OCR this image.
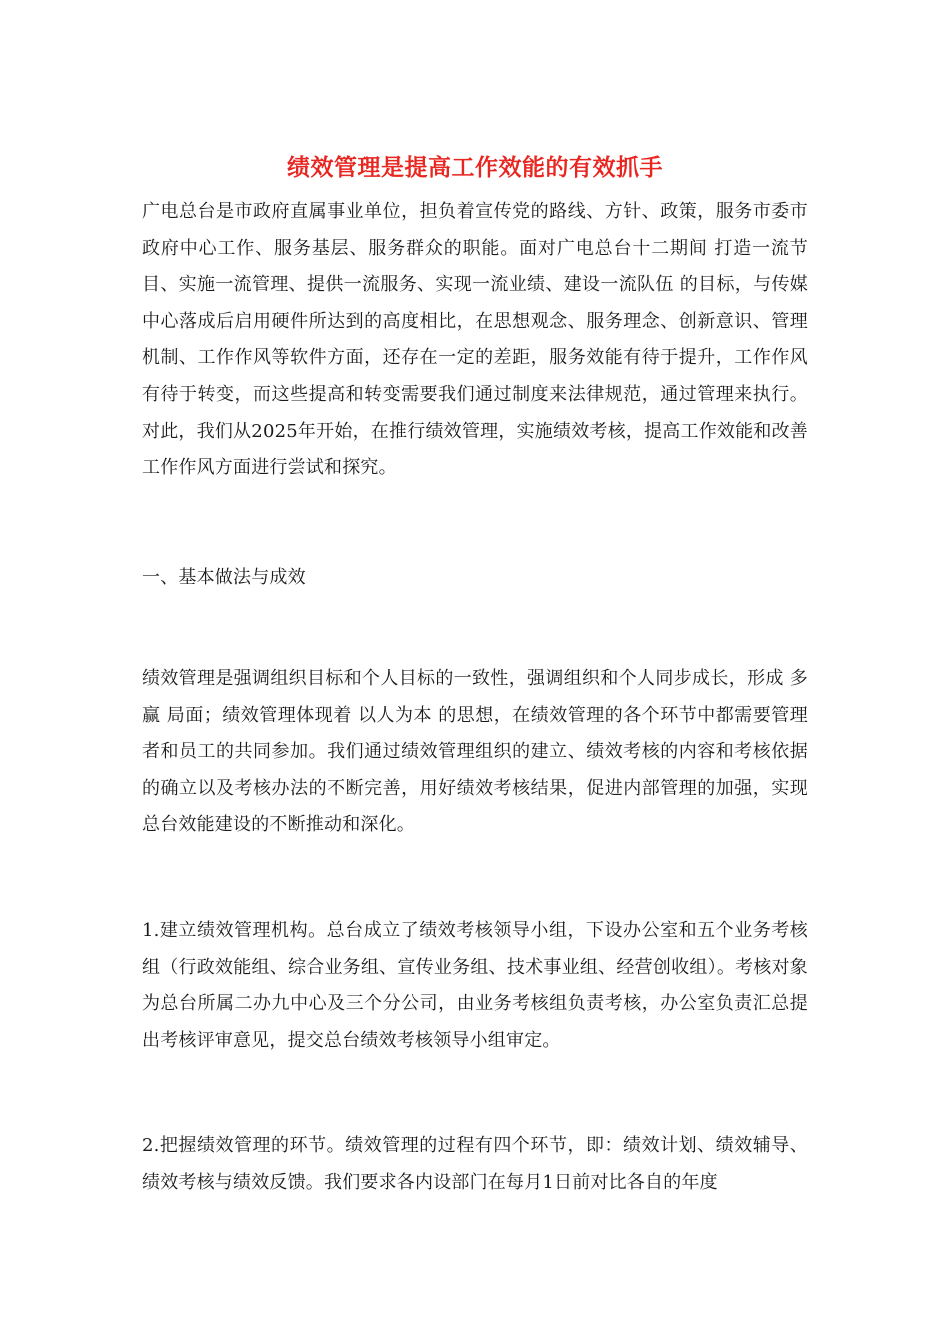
绩效管理是提高工作效能的有效抓手

广电总台是市政府直属事业单位，担负着宣传党的路线、方针、政策，服务市委市政府中心工作、服务基层、服务群众的职能。面对广电总台十二期间 打造一流节目、实施一流管理、提供一流服务、实现一流业绩、建设一流队伍 的目标，与传媒中心落成后启用硬件所达到的高度相比，在思想观念、服务理念、创新意识、管理机制、工作作风等软件方面，还存在一定的差距，服务效能有待于提升，工作作风有待于转变，而这些提高和转变需要我们通过制度来法律规范，通过管理来执行。对此，我们从2025年开始，在推行绩效管理，实施绩效考核，提高工作效能和改善工作作风方面进行尝试和探究。

一、基本做法与成效

绩效管理是强调组织目标和个人目标的一致性，强调组织和个人同步成长，形成 多赢 局面；绩效管理体现着 以人为本 的思想，在绩效管理的各个环节中都需要管理者和员工的共同参加。我们通过绩效管理组织的建立、绩效考核的内容和考核依据的确立以及考核办法的不断完善，用好绩效考核结果，促进内部管理的加强，实现总台效能建设的不断推动和深化。

1.建立绩效管理机构。总台成立了绩效考核领导小组，下设办公室和五个业务考核组（行政效能组、综合业务组、宣传业务组、技术事业组、经营创收组）。考核对象为总台所属二办九中心及三个分公司，由业务考核组负责考核，办公室负责汇总提出考核评审意见，提交总台绩效考核领导小组审定。

2.把握绩效管理的环节。绩效管理的过程有四个环节，即：绩效计划、绩效辅导、绩效考核与绩效反馈。我们要求各内设部门在每月1日前对比各自的年度
